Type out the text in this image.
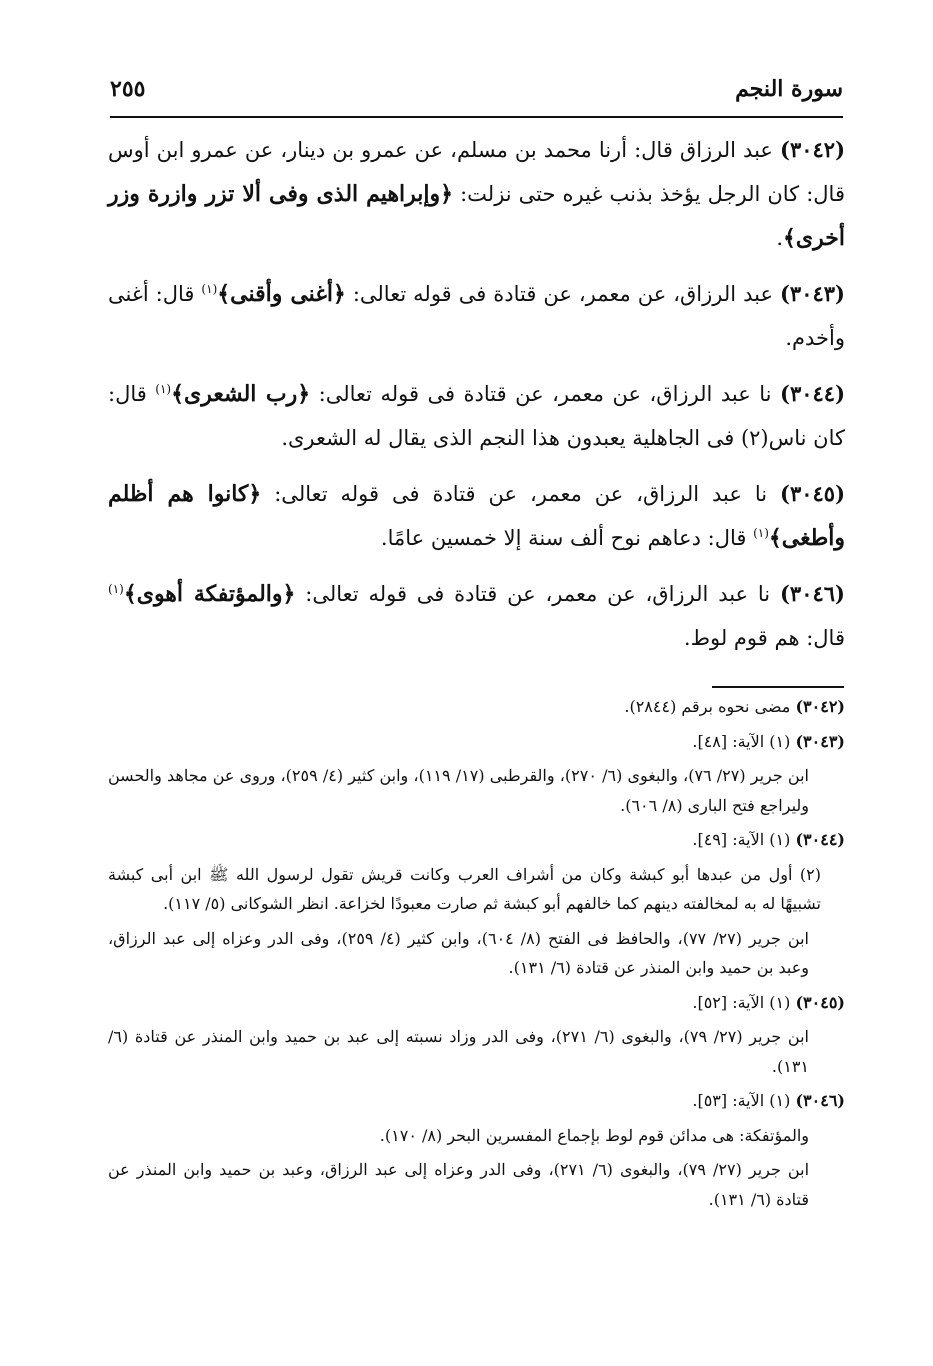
سورة النجم
٢٥٥

(٣٠٤٢) عبد الرزاق قال: أرنا محمد بن مسلم، عن عمرو بن دينار، عن عمرو ابن أوس قال: كان الرجل يؤخذ بذنب غيره حتى نزلت: ﴿وإبراهيم الذى وفى ألا تزر وازرة وزر أخرى﴾.

(٣٠٤٣) عبد الرزاق، عن معمر، عن قتادة فى قوله تعالى: ﴿أغنى وأقنى﴾$^{(١)}$ قال: أغنى وأخدم.

(٣٠٤٤) نا عبد الرزاق، عن معمر، عن قتادة فى قوله تعالى: ﴿رب الشعرى﴾$^{(١)}$ قال: كان ناس(٢) فى الجاهلية يعبدون هذا النجم الذى يقال له الشعرى.

(٣٠٤٥) نا عبد الرزاق، عن معمر، عن قتادة فى قوله تعالى: ﴿كانوا هم أظلم وأطغى﴾$^{(١)}$ قال: دعاهم نوح ألف سنة إلا خمسين عامًا.

(٣٠٤٦) نا عبد الرزاق، عن معمر، عن قتادة فى قوله تعالى: ﴿والمؤتفكة أهوى﴾$^{(١)}$ قال: هم قوم لوط.

(٣٠٤٢) مضى نحوه برقم (٢٨٤٤).

(٣٠٤٣) (١) الآية: [٤٨].

ابن جرير (٢٧/ ٧٦)، والبغوى (٦/ ٢٧٠)، والقرطبى (١٧/ ١١٩)، وابن كثير (٤/ ٢٥٩)، وروى عن مجاهد والحسن وليراجع فتح البارى (٨/ ٦٠٦).

(٣٠٤٤) (١) الآية: [٤٩].

(٢) أول من عبدها أبو كبشة وكان من أشراف العرب وكانت قريش تقول لرسول الله ﷺ ابن أبى كبشة تشبيهًا له به لمخالفته دينهم كما خالفهم أبو كبشة ثم صارت معبودًا لخزاعة. انظر الشوكانى (٥/ ١١٧).

ابن جرير (٢٧/ ٧٧)، والحافظ فى الفتح (٨/ ٦٠٤)، وابن كثير (٤/ ٢٥٩)، وفى الدر وعزاه إلى عبد الرزاق، وعبد بن حميد وابن المنذر عن قتادة (٦/ ١٣١).

(٣٠٤٥) (١) الآية: [٥٢].

ابن جرير (٢٧/ ٧٩)، والبغوى (٦/ ٢٧١)، وفى الدر وزاد نسبته إلى عبد بن حميد وابن المنذر عن قتادة (٦/ ١٣١).

(٣٠٤٦) (١) الآية: [٥٣].

والمؤتفكة: هى مدائن قوم لوط بإجماع المفسرين البحر (٨/ ١٧٠).

ابن جرير (٢٧/ ٧٩)، والبغوى (٦/ ٢٧١)، وفى الدر وعزاه إلى عبد الرزاق، وعبد بن حميد وابن المنذر عن قتادة (٦/ ١٣١).
